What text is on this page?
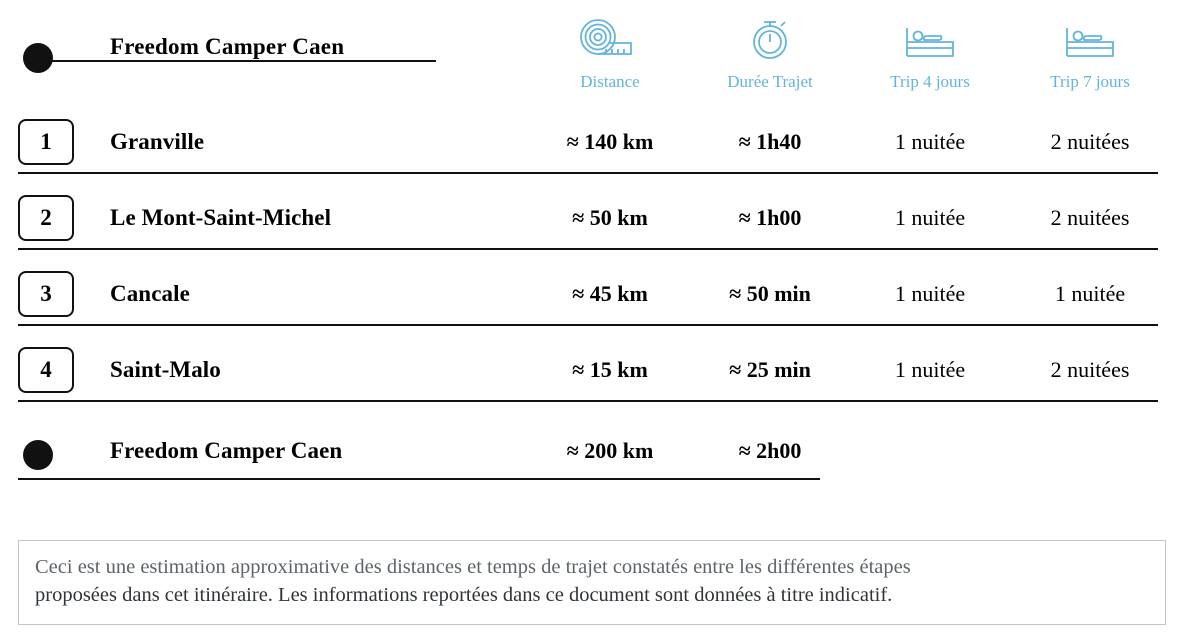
Freedom Camper Caen
Distance	Durée Trajet	Trip 4 jours	Trip 7 jours
1	Granville	≈ 140 km	≈ 1h40	1 nuitée	2 nuitées
2	Le Mont-Saint-Michel	≈ 50 km	≈ 1h00	1 nuitée	2 nuitées
3	Cancale	≈ 45 km	≈ 50 min	1 nuitée	1 nuitée
4	Saint-Malo	≈ 15 km	≈ 25 min	1 nuitée	2 nuitées
Freedom Camper Caen	≈ 200 km	≈ 2h00
Ceci est une estimation approximative des distances et temps de trajet constatés entre les différentes étapes
proposées dans cet itinéraire. Les informations reportées dans ce document sont données à titre indicatif.
